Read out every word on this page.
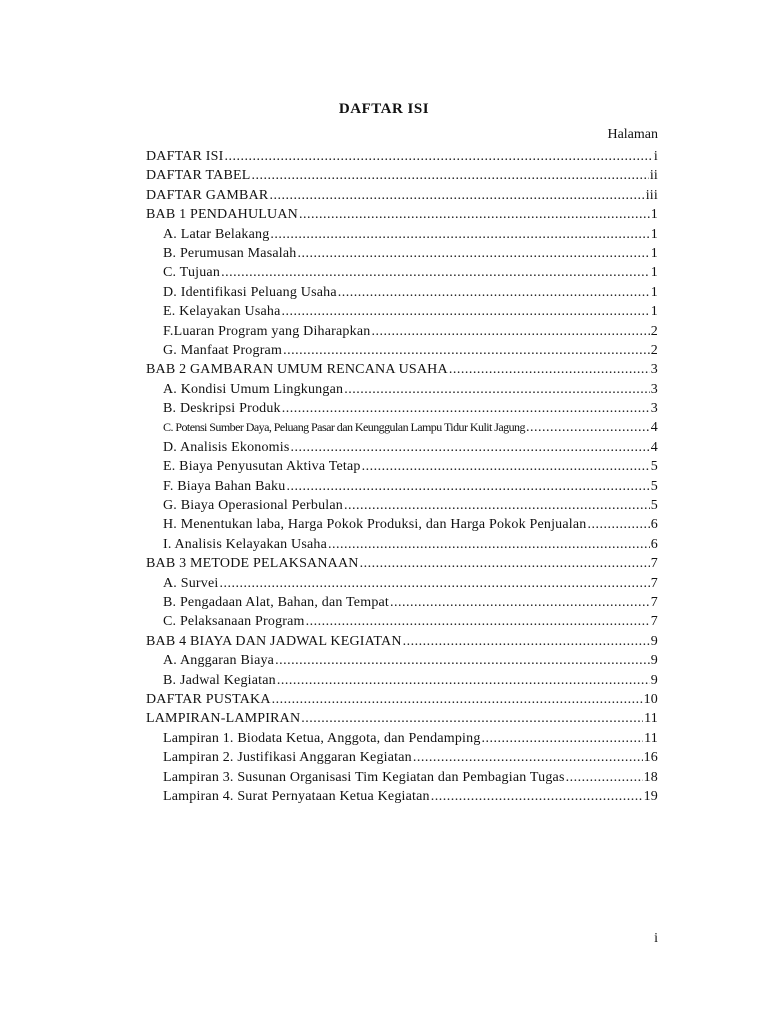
DAFTAR ISI
Halaman
DAFTAR ISI .....	i
DAFTAR TABEL .....	ii
DAFTAR GAMBAR .....	iii
BAB 1 PENDAHULUAN .....	1
A. Latar Belakang .....	1
B. Perumusan Masalah .....	1
C. Tujuan .....	1
D. Identifikasi Peluang Usaha .....	1
E. Kelayakan Usaha .....	1
F.Luaran Program yang Diharapkan .....	2
G. Manfaat Program .....	2
BAB 2 GAMBARAN UMUM RENCANA USAHA .....	3
A. Kondisi Umum Lingkungan .....	3
B. Deskripsi Produk .....	3
C. Potensi Sumber Daya, Peluang Pasar dan Keunggulan Lampu Tidur Kulit Jagung .....	4
D. Analisis Ekonomis .....	4
E. Biaya Penyusutan Aktiva Tetap .....	5
F. Biaya Bahan Baku .....	5
G. Biaya Operasional Perbulan .....	5
H. Menentukan laba, Harga Pokok Produksi, dan Harga Pokok Penjualan .....	6
I. Analisis Kelayakan Usaha .....	6
BAB 3 METODE PELAKSANAAN .....	7
A. Survei .....	7
B. Pengadaan Alat, Bahan, dan Tempat .....	7
C. Pelaksanaan Program .....	7
BAB 4 BIAYA DAN JADWAL KEGIATAN .....	9
A. Anggaran Biaya .....	9
B. Jadwal Kegiatan .....	9
DAFTAR PUSTAKA .....	10
LAMPIRAN-LAMPIRAN .....	11
Lampiran 1. Biodata Ketua, Anggota, dan Pendamping .....	11
Lampiran 2. Justifikasi Anggaran Kegiatan .....	16
Lampiran 3. Susunan Organisasi Tim Kegiatan dan Pembagian Tugas .....	18
Lampiran 4. Surat Pernyataan Ketua Kegiatan .....	19
i
